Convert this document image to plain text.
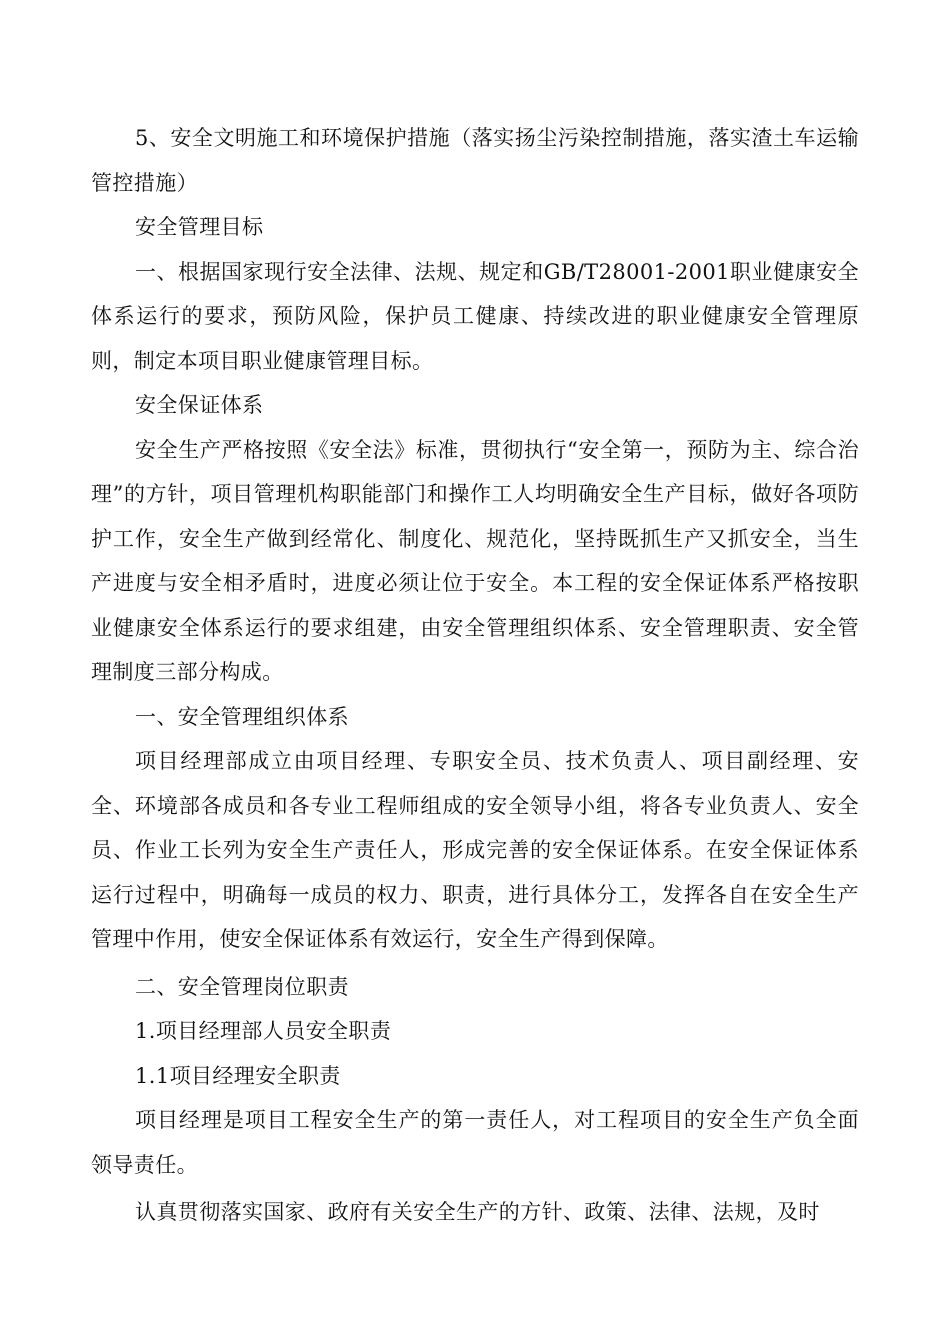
5、安全文明施工和环境保护措施（落实扬尘污染控制措施，落实渣土车运输管控措施）

安全管理目标

一、根据国家现行安全法律、法规、规定和GB/T28001-2001职业健康安全体系运行的要求，预防风险，保护员工健康、持续改进的职业健康安全管理原则，制定本项目职业健康管理目标。

安全保证体系

安全生产严格按照《安全法》标准，贯彻执行“安全第一，预防为主、综合治理”的方针，项目管理机构职能部门和操作工人均明确安全生产目标，做好各项防护工作，安全生产做到经常化、制度化、规范化，坚持既抓生产又抓安全，当生产进度与安全相矛盾时，进度必须让位于安全。本工程的安全保证体系严格按职业健康安全体系运行的要求组建，由安全管理组织体系、安全管理职责、安全管理制度三部分构成。

一、安全管理组织体系

项目经理部成立由项目经理、专职安全员、技术负责人、项目副经理、安全、环境部各成员和各专业工程师组成的安全领导小组，将各专业负责人、安全员、作业工长列为安全生产责任人，形成完善的安全保证体系。在安全保证体系运行过程中，明确每一成员的权力、职责，进行具体分工，发挥各自在安全生产管理中作用，使安全保证体系有效运行，安全生产得到保障。

二、安全管理岗位职责

1.项目经理部人员安全职责

1.1项目经理安全职责

项目经理是项目工程安全生产的第一责任人，对工程项目的安全生产负全面领导责任。

认真贯彻落实国家、政府有关安全生产的方针、政策、法律、法规，及时
